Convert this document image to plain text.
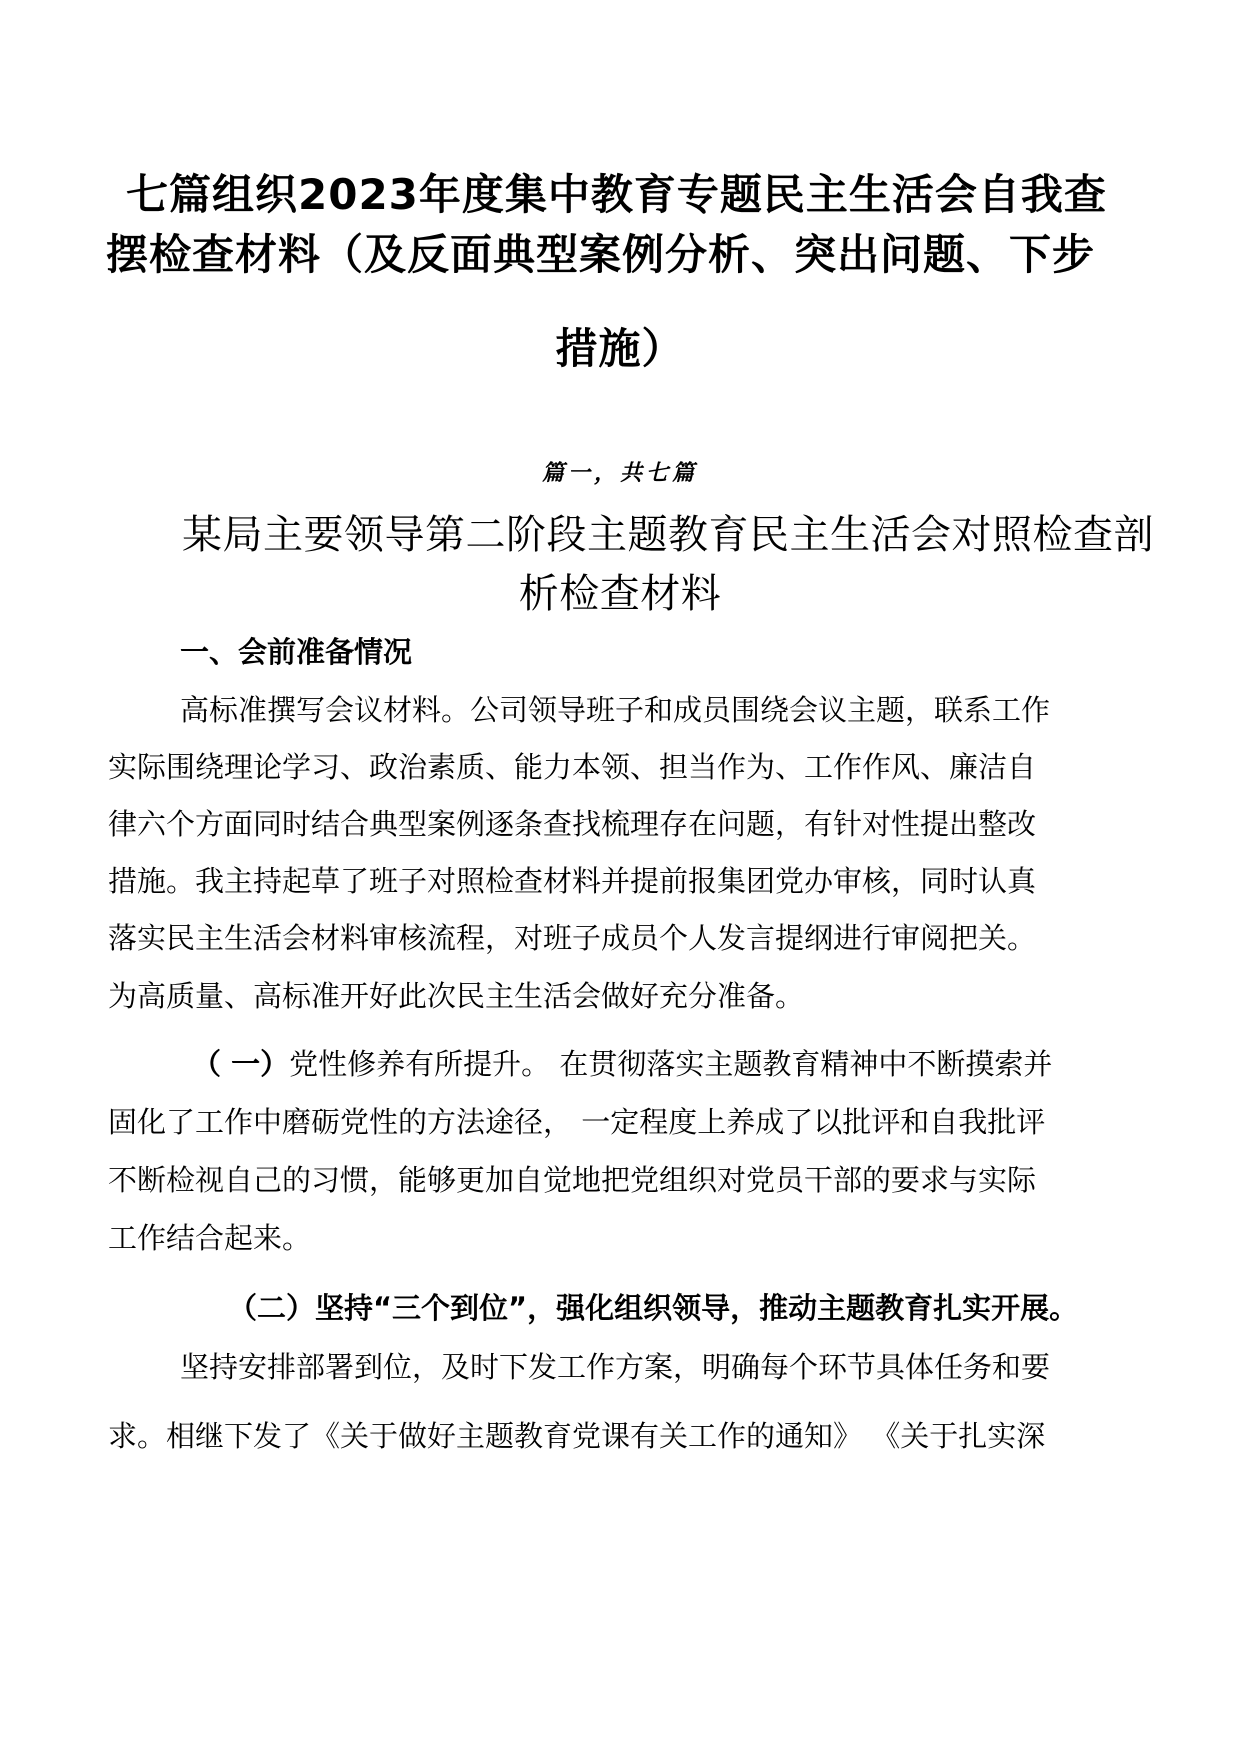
七篇组织2023年度集中教育专题民主生活会自我查
摆检查材料（及反面典型案例分析、突出问题、下步
措施）
篇一，共七篇
某局主要领导第二阶段主题教育民主生活会对照检查剖
析检查材料
一、会前准备情况
高标准撰写会议材料。公司领导班子和成员围绕会议主题，联系工作
实际围绕理论学习、政治素质、能力本领、担当作为、工作作风、廉洁自
律六个方面同时结合典型案例逐条查找梳理存在问题，有针对性提出整改
措施。我主持起草了班子对照检查材料并提前报集团党办审核，同时认真
落实民主生活会材料审核流程，对班子成员个人发言提纲进行审阅把关。
为高质量、高标准开好此次民主生活会做好充分准备。
（ 一）党性修养有所提升。 在贯彻落实主题教育精神中不断摸索并
固化了工作中磨砺党性的方法途径， 一定程度上养成了以批评和自我批评
不断检视自己的习惯，能够更加自觉地把党组织对党员干部的要求与实际
工作结合起来。
（二）坚持“三个到位”，强化组织领导，推动主题教育扎实开展。
坚持安排部署到位，及时下发工作方案，明确每个环节具体任务和要
求。相继下发了《关于做好主题教育党课有关工作的通知》 《关于扎实深
